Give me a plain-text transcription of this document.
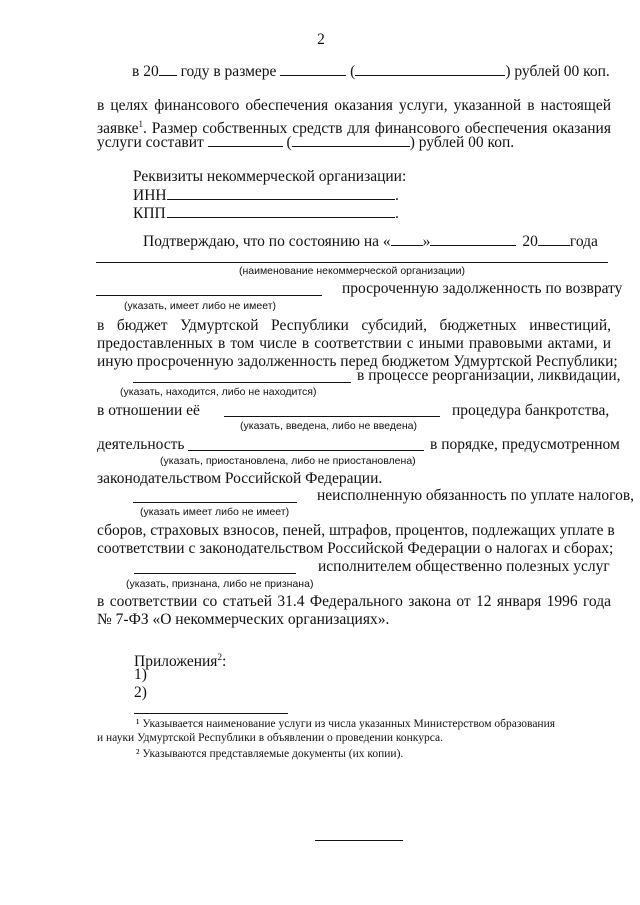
2
в 20 году в размере	(	) рублей 00 коп.
в целях финансового обеспечения оказания услуги, указанной в настоящей
заявке$^1$. Размер собственных средств для финансового обеспечения оказания
услуги составит	(	) рублей 00 коп.
Реквизиты некоммерческой организации:
ИНН	.
КПП	.
Подтверждаю, что по состоянию на « »	20 года
(наименование некоммерческой организации)
просроченную задолженность по возврату
(указать, имеет либо не имеет)
в бюджет Удмуртской Республики субсидий, бюджетных инвестиций,
предоставленных в том числе в соответствии с иными правовыми актами, и
иную просроченную задолженность перед бюджетом Удмуртской Республики;
в процессе реорганизации, ликвидации,
(указать, находится, либо не находится)
в отношении её	процедура банкротства,
(указать, введена, либо не введена)
деятельность	в порядке, предусмотренном
(указать, приостановлена, либо не приостановлена)
законодательством Российской Федерации.
неисполненную обязанность по уплате налогов,
(указать имеет либо не имеет)
сборов, страховых взносов, пеней, штрафов, процентов, подлежащих уплате в
соответствии с законодательством Российской Федерации о налогах и сборах;
исполнителем общественно полезных услуг
(указать, признана, либо не признана)
в соответствии со статьей 31.4 Федерального закона от 12 января 1996 года
№ 7-ФЗ «О некоммерческих организациях».
Приложения$^2$:
1)
2)
¹ Указывается наименование услуги из числа указанных Министерством образования
и науки Удмуртской Республики в объявлении о проведении конкурса.
² Указываются представляемые документы (их копии).
